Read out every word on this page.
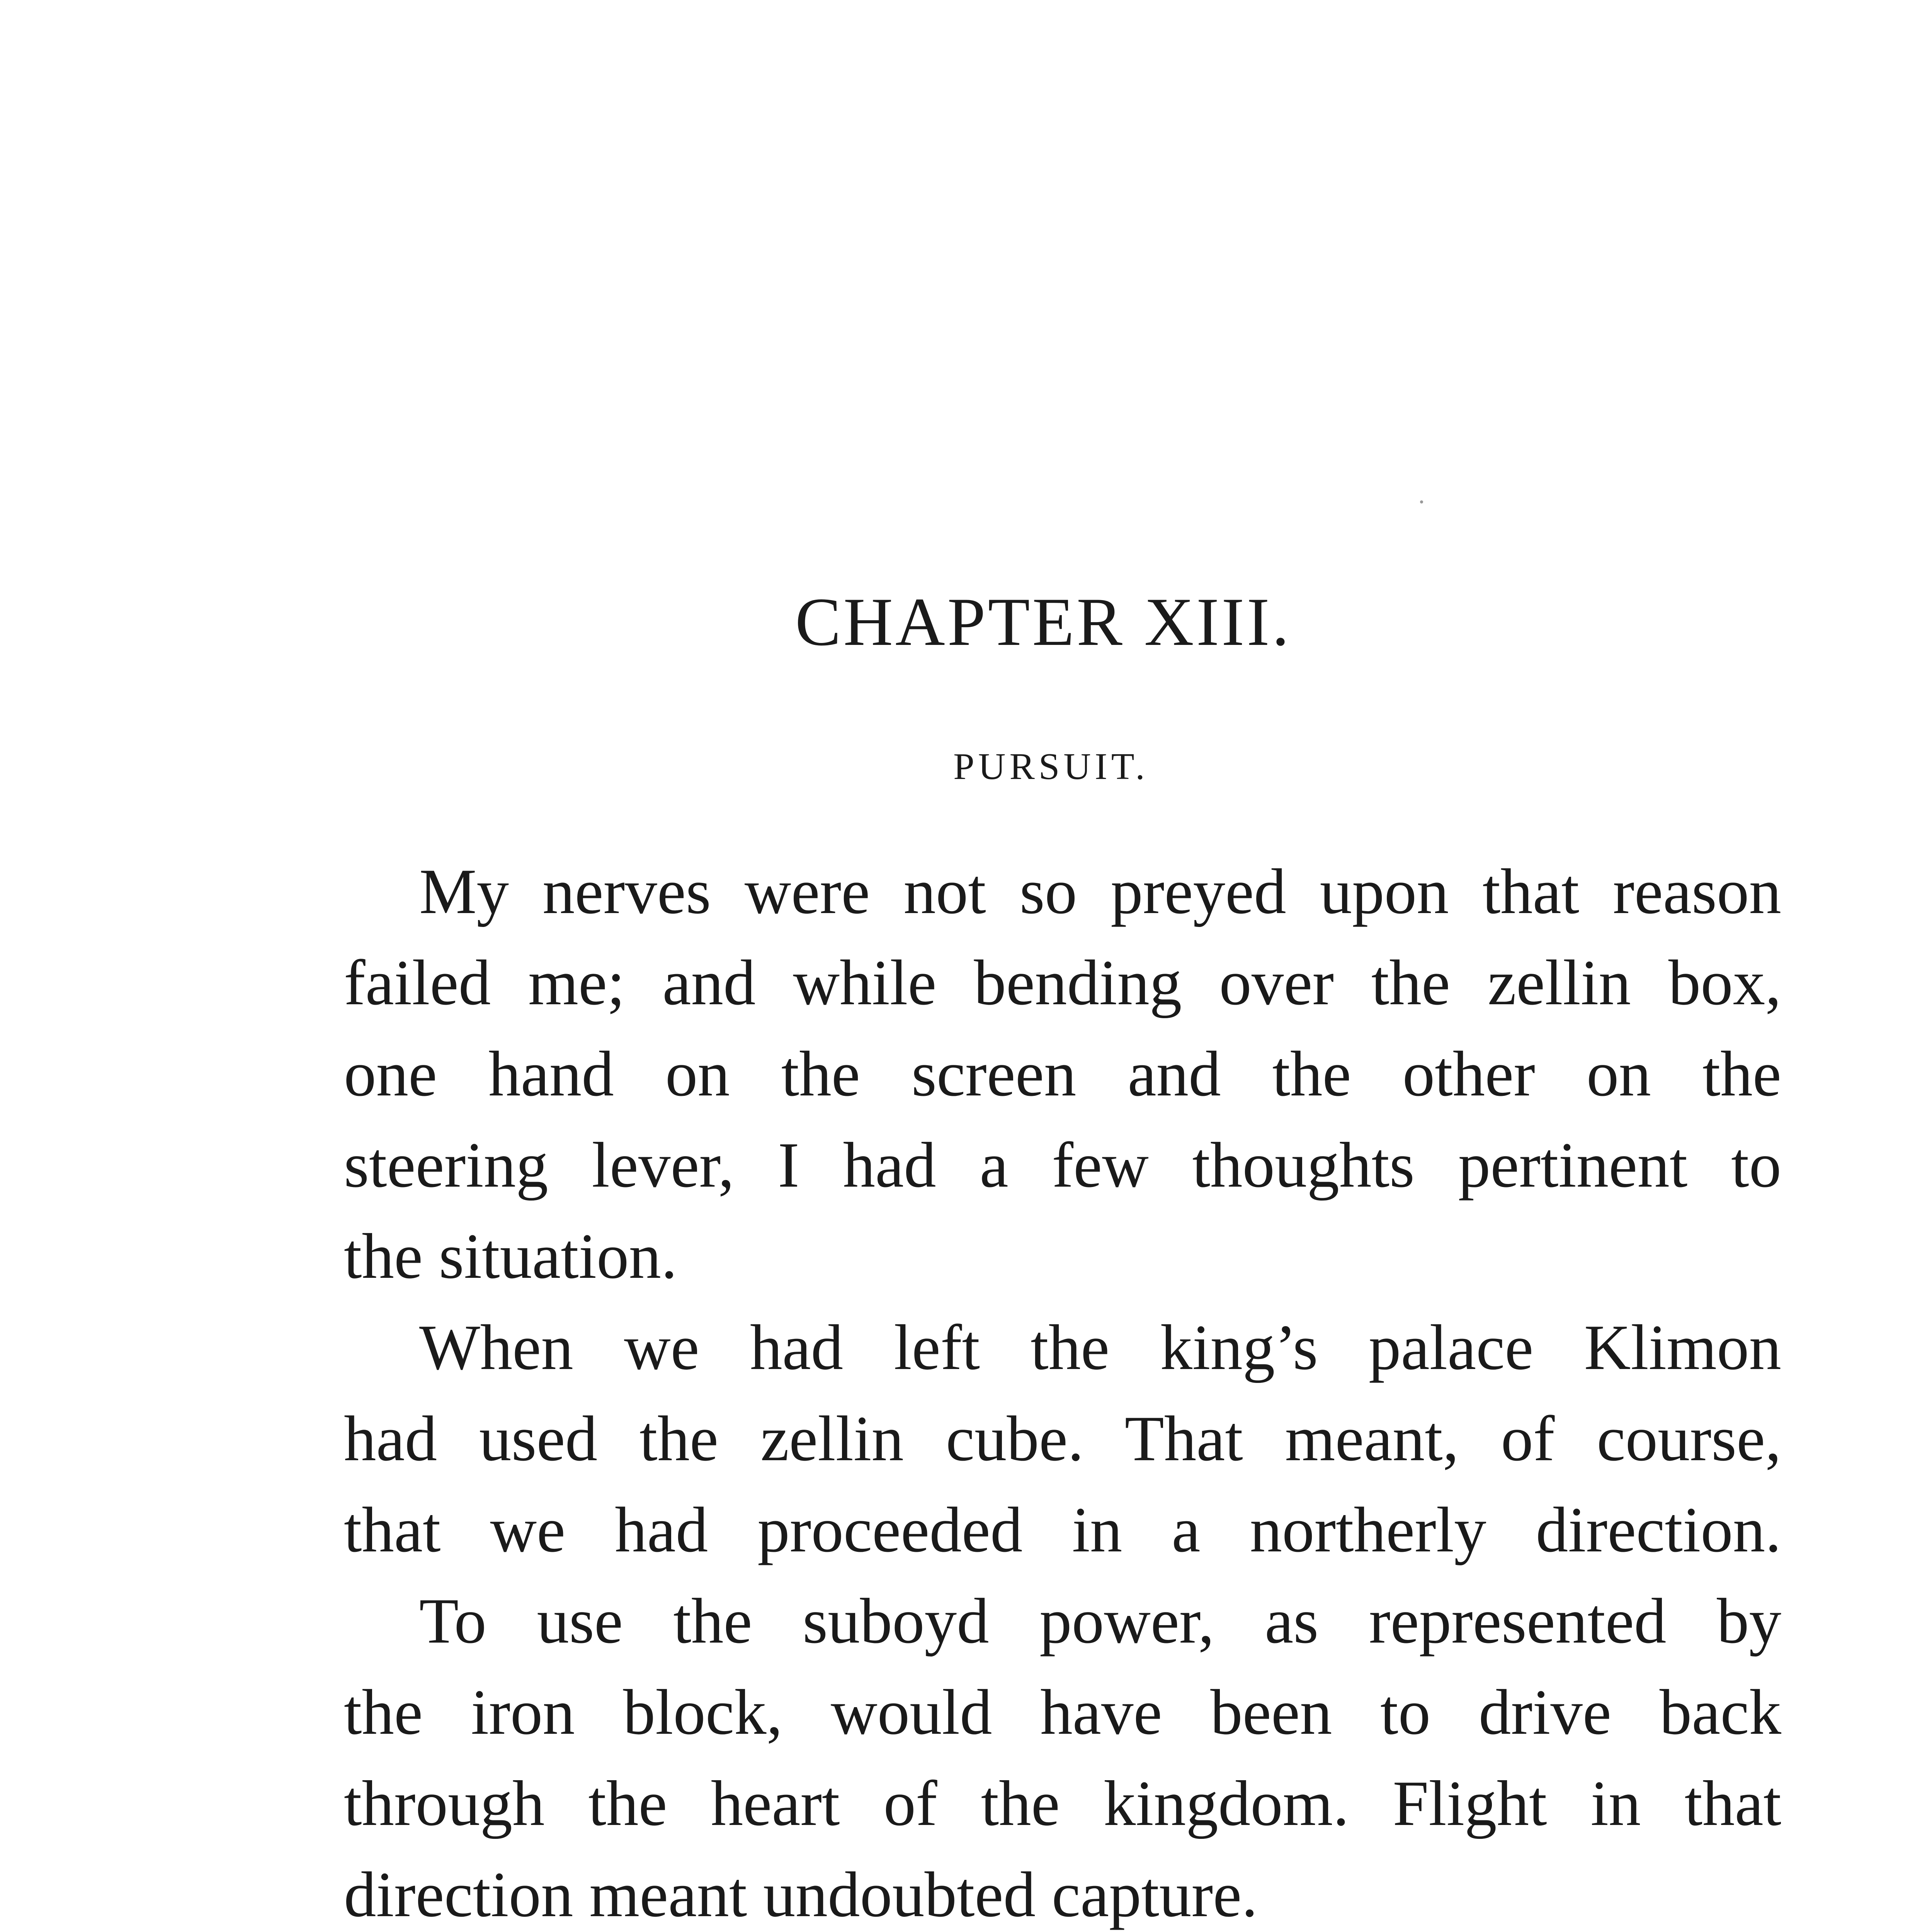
CHAPTER XIII.
PURSUIT.
My nerves were not so preyed upon that reason
failed me; and while bending over the zellin box,
one hand on the screen and the other on the
steering lever, I had a few thoughts pertinent to
the situation.
When we had left the king’s palace Klimon
had used the zellin cube. That meant, of course,
that we had proceeded in a northerly direction.
To use the suboyd power, as represented by
the iron block, would have been to drive back
through the heart of the kingdom. Flight in that
direction meant undoubted capture.
